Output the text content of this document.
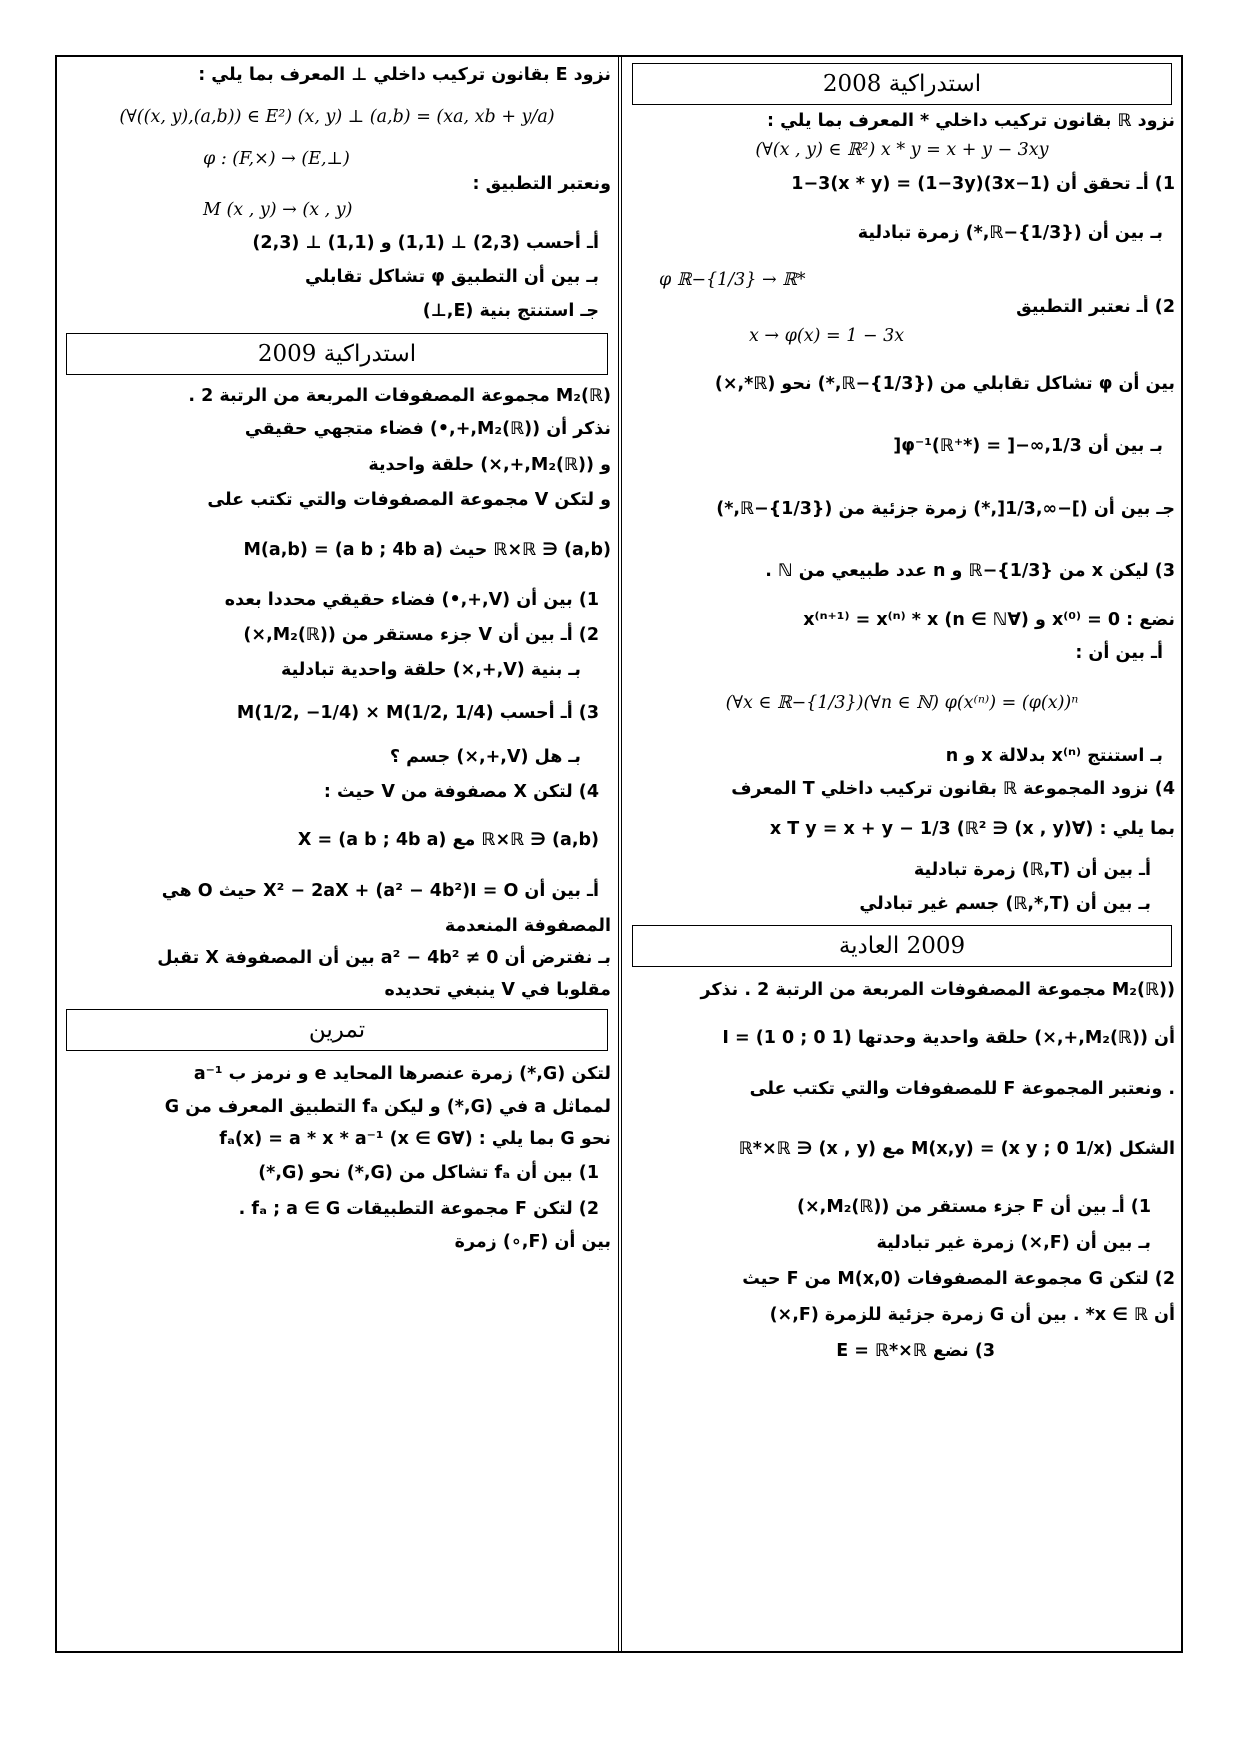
استدراكية 2008

نزود ℝ بقانون تركيب داخلي * المعرف بما يلي :

(∀(x , y) ∈ ℝ²) x * y = x + y − 3xy

1) أـ تحقق أن (1−3x)(1−3y) = 1−3(x * y)

بـ بين أن (ℝ−{1/3},*) زمرة تبادلية

φ ℝ−{1/3} → ℝ*

2) أـ نعتبر التطبيق

x → φ(x) = 1 − 3x

بين أن φ تشاكل تقابلي من (ℝ−{1/3},*) نحو (ℝ*,×)

بـ بين أن φ⁻¹(ℝ⁺*) = ]−∞,1/3[

جـ بين أن (]−∞,1/3[,*) زمرة جزئية من (ℝ−{1/3},*)

3) ليكن x من ℝ−{1/3} و n عدد طبيعي من ℕ .

نضع : x⁽⁰⁾ = 0 و (∀n ∈ ℕ) x⁽ⁿ⁺¹⁾ = x⁽ⁿ⁾ * x

أـ بين أن :

(∀x ∈ ℝ−{1/3})(∀n ∈ ℕ) φ(x⁽ⁿ⁾) = (φ(x))ⁿ

بـ استنتج x⁽ⁿ⁾ بدلالة x و n

4) نزود المجموعة ℝ بقانون تركيب داخلي T المعرف

بما يلي : (∀(x , y) ∈ ℝ²) x T y = x + y − 1/3

أـ بين أن (ℝ,T) زمرة تبادلية

بـ بين أن (ℝ,*,T) جسم غير تبادلي

2009 العادية

(M₂(ℝ) مجموعة المصفوفات المربعة من الرتبة 2 . نذكر

أن (M₂(ℝ),+,×) حلقة واحدية وحدتها I = (1 0 ; 0 1)

. ونعتبر المجموعة F للمصفوفات والتي تكتب على

الشكل M(x,y) = (x y ; 0 1/x) مع (x , y) ∈ ℝ*×ℝ

1) أـ بين أن F جزء مستقر من (M₂(ℝ),×)

بـ بين أن (F,×) زمرة غير تبادلية

2) لتكن G مجموعة المصفوفات M(x,0) من F حيث

أن x ∈ ℝ* . بين أن G زمرة جزئية للزمرة (F,×)

3) نضع E = ℝ*×ℝ

نزود E بقانون تركيب داخلي ⊥ المعرف بما يلي :

(∀((x, y),(a,b)) ∈ E²) (x, y) ⊥ (a,b) = (xa, xb + y/a)

φ : (F,×) → (E,⊥)

ونعتبر التطبيق :

M (x , y) → (x , y)

أـ أحسب (2,3) ⊥ (1,1) و (1,1) ⊥ (2,3)

بـ بين أن التطبيق φ تشاكل تقابلي

جـ استنتج بنية (E,⊥)

استدراكية 2009

M₂(ℝ) مجموعة المصفوفات المربعة من الرتبة 2 .

نذكر أن (M₂(ℝ),+,•) فضاء متجهي حقيقي

و (M₂(ℝ),+,×) حلقة واحدية

و لتكن V مجموعة المصفوفات والتي تكتب على

(a,b) ∈ ℝ×ℝ حيث M(a,b) = (a b ; 4b a)

1) بين أن (V,+,•) فضاء حقيقي محددا بعده

2) أـ بين أن V جزء مستقر من (M₂(ℝ),×)

بـ بنية (V,+,×) حلقة واحدية تبادلية

3) أـ أحسب M(1/2, −1/4) × M(1/2, 1/4)

بـ هل (V,+,×) جسم ؟

4) لتكن X مصفوفة من V حيث :

(a,b) ∈ ℝ×ℝ مع X = (a b ; 4b a)

أـ بين أن X² − 2aX + (a² − 4b²)I = O حيث O هي

المصفوفة المنعدمة

بـ نفترض أن a² − 4b² ≠ 0 بين أن المصفوفة X تقبل

مقلوبا في V ينبغي تحديده

تمرين

لتكن (G,*) زمرة عنصرها المحايد e و نرمز ب a⁻¹

لمماثل a في (G,*) و ليكن fₐ التطبيق المعرف من G

نحو G بما يلي : (∀x ∈ G) fₐ(x) = a * x * a⁻¹

1) بين أن fₐ تشاكل من (G,*) نحو (G,*)

2) لتكن F مجموعة التطبيقات fₐ ; a ∈ G .

بين أن (F,∘) زمرة
